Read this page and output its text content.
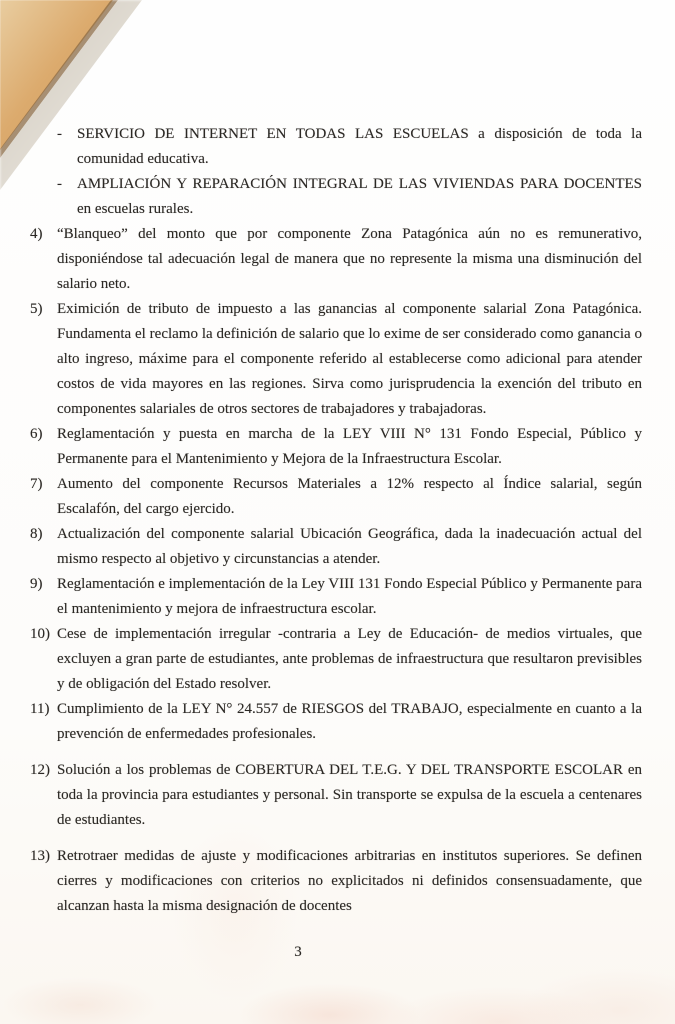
-	SERVICIO DE INTERNET EN TODAS LAS ESCUELAS a disposición de toda la comunidad educativa.

-	AMPLIACIÓN Y REPARACIÓN INTEGRAL DE LAS VIVIENDAS PARA DOCENTES en escuelas rurales.

4) “Blanqueo” del monto que por componente Zona Patagónica aún no es remunerativo, disponiéndose tal adecuación legal de manera que no represente la misma una disminución del salario neto.

5) Eximición de tributo de impuesto a las ganancias al componente salarial Zona Patagónica. Fundamenta el reclamo la definición de salario que lo exime de ser considerado como ganancia o alto ingreso, máxime para el componente referido al establecerse como adicional para atender costos de vida mayores en las regiones. Sirva como jurisprudencia la exención del tributo en componentes salariales de otros sectores de trabajadores y trabajadoras.

6) Reglamentación y puesta en marcha de la LEY VIII N° 131 Fondo Especial, Público y Permanente para el Mantenimiento y Mejora de la Infraestructura Escolar.

7) Aumento del componente Recursos Materiales a 12% respecto al Índice salarial, según Escalafón, del cargo ejercido.

8) Actualización del componente salarial Ubicación Geográfica, dada la inadecuación actual del mismo respecto al objetivo y circunstancias a atender.

9) Reglamentación e implementación de la Ley VIII 131 Fondo Especial Público y Permanente para el mantenimiento y mejora de infraestructura escolar.

10) Cese de implementación irregular -contraria a Ley de Educación- de medios virtuales, que excluyen a gran parte de estudiantes, ante problemas de infraestructura que resultaron previsibles y de obligación del Estado resolver.

11) Cumplimiento de la LEY N° 24.557 de RIESGOS del TRABAJO, especialmente en cuanto a la prevención de enfermedades profesionales.

12) Solución a los problemas de COBERTURA DEL T.E.G. Y DEL TRANSPORTE ESCOLAR en toda la provincia para estudiantes y personal. Sin transporte se expulsa de la escuela a centenares de estudiantes.

13) Retrotraer medidas de ajuste y modificaciones arbitrarias en institutos superiores. Se definen cierres y modificaciones con criterios no explicitados ni definidos consensuadamente, que alcanzan hasta la misma designación de docentes

3
